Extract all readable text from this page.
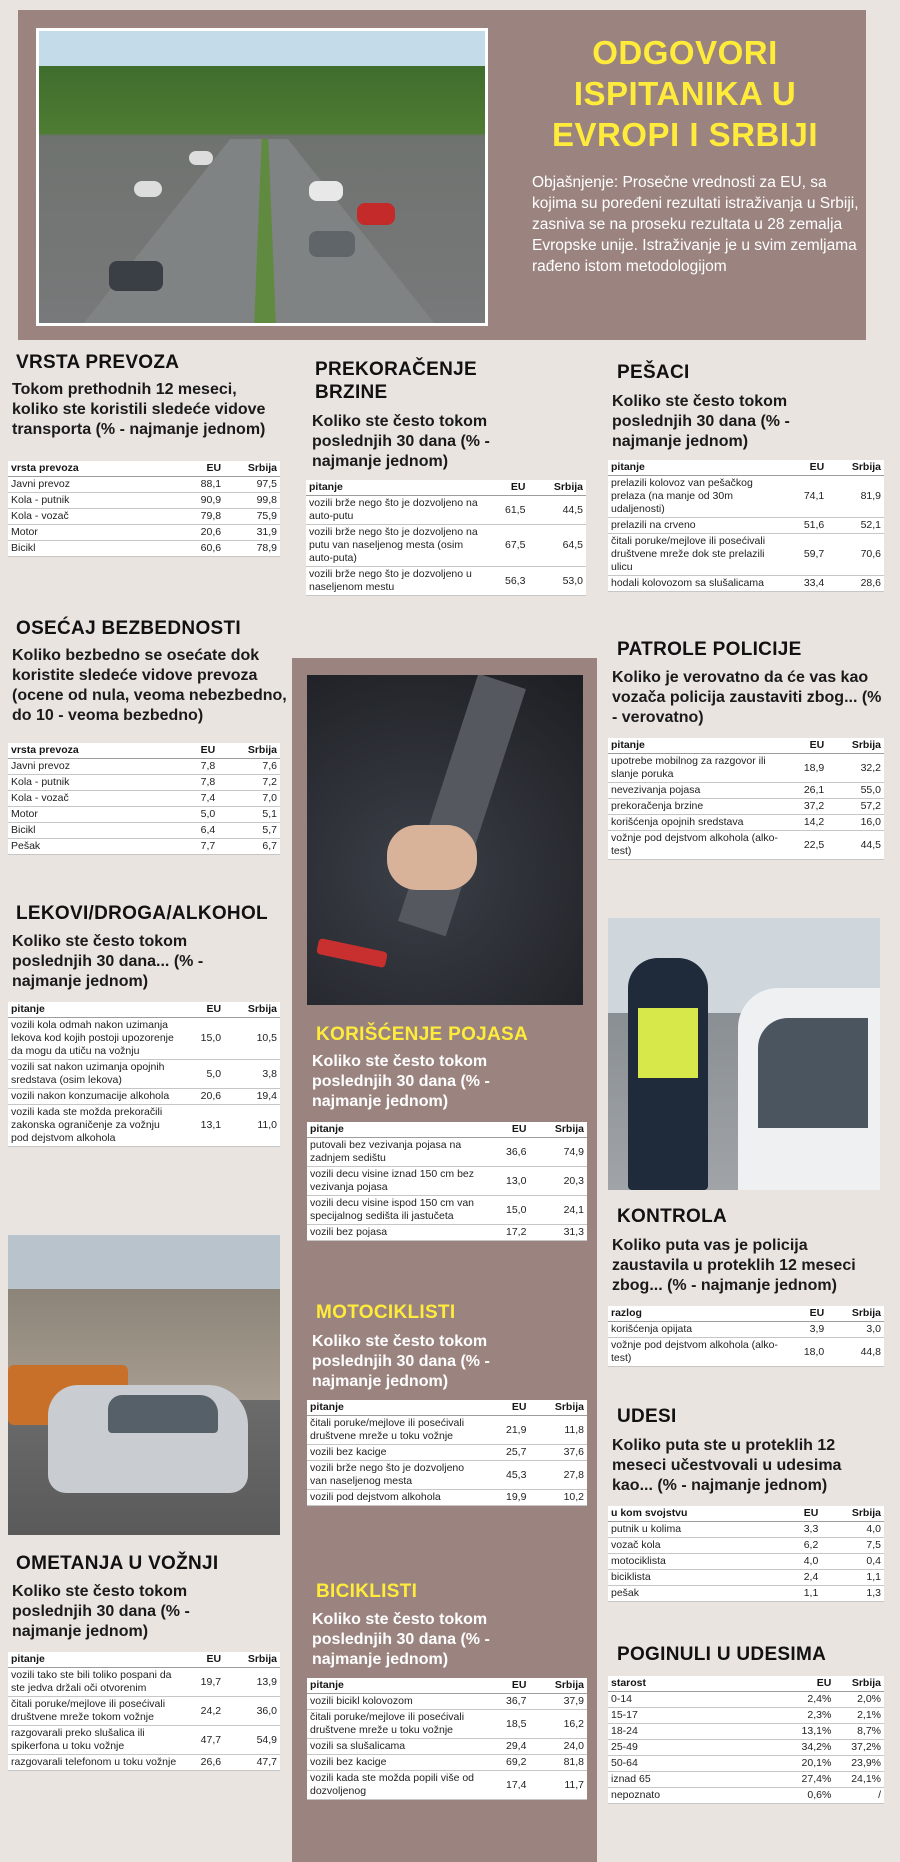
ODGOVORI ISPITANIKA U EVROPI I SRBIJI
Objašnjenje: Prosečne vrednosti za EU, sa kojima su poređeni rezultati istraživanja u Srbiji, zasniva se na proseku rezultata u 28 zemalja Evropske unije. Istraživanje je u svim zemljama rađeno istom metodologijom
VRSTA PREVOZA
Tokom prethodnih 12 meseci, koliko ste koristili sledeće vidove transporta (% - najmanje jednom)
vrsta prevoza	EU	Srbija
Javni prevoz	88,1	97,5
Kola - putnik	90,9	99,8
Kola - vozač	79,8	75,9
Motor	20,6	31,9
Bicikl	60,6	78,9
OSEĆAJ BEZBEDNOSTI
Koliko bezbedno se osećate dok koristite sledeće vidove prevoza (ocene od nula, veoma nebezbedno, do 10 - veoma bezbedno)
vrsta prevoza	EU	Srbija
Javni prevoz	7,8	7,6
Kola - putnik	7,8	7,2
Kola - vozač	7,4	7,0
Motor	5,0	5,1
Bicikl	6,4	5,7
Pešak	7,7	6,7
LEKOVI/DROGA/ALKOHOL
Koliko ste često tokom poslednjih 30 dana... (% - najmanje jednom)
pitanje	EU	Srbija
vozili kola odmah nakon uzimanja lekova kod kojih postoji upozorenje da mogu da utiču na vožnju	15,0	10,5
vozili sat nakon uzimanja opojnih sredstava (osim lekova)	5,0	3,8
vozili nakon konzumacije alkohola	20,6	19,4
vozili kada ste možda prekoračili zakonska ograničenje za vožnju pod dejstvom alkohola	13,1	11,0
OMETANJA U VOŽNJI
Koliko ste često tokom poslednjih 30 dana (% - najmanje jednom)
pitanje	EU	Srbija
vozili tako ste bili toliko pospani da ste jedva držali oči otvorenim	19,7	13,9
čitali poruke/mejlove ili posećivali društvene mreže tokom vožnje	24,2	36,0
razgovarali preko slušalica ili spikerfona u toku vožnje	47,7	54,9
razgovarali telefonom u toku vožnje	26,6	47,7
PREKORAČENJE BRZINE
Koliko ste često tokom poslednjih 30 dana (% - najmanje jednom)
pitanje	EU	Srbija
vozili brže nego što je dozvoljeno na auto-putu	61,5	44,5
vozili brže nego što je dozvoljeno na putu van naseljenog mesta (osim auto-puta)	67,5	64,5
vozili brže nego što je dozvoljeno u naseljenom mestu	56,3	53,0
KORIŠĆENJE POJASA
Koliko ste često tokom poslednjih 30 dana (% - najmanje jednom)
pitanje	EU	Srbija
putovali bez vezivanja pojasa na zadnjem sedištu	36,6	74,9
vozili decu visine iznad 150 cm bez vezivanja pojasa	13,0	20,3
vozili decu visine ispod 150 cm van specijalnog sedišta ili jastučeta	15,0	24,1
vozili bez pojasa	17,2	31,3
MOTOCIKLISTI
Koliko ste često tokom poslednjih 30 dana (% - najmanje jednom)
pitanje	EU	Srbija
čitali poruke/mejlove ili posećivali društvene mreže u toku vožnje	21,9	11,8
vozili bez kacige	25,7	37,6
vozili brže nego što je dozvoljeno van naseljenog mesta	45,3	27,8
vozili pod dejstvom alkohola	19,9	10,2
BICIKLISTI
Koliko ste često tokom poslednjih 30 dana (% - najmanje jednom)
pitanje	EU	Srbija
vozili bicikl kolovozom	36,7	37,9
čitali poruke/mejlove ili posećivali društvene mreže u toku vožnje	18,5	16,2
vozili sa slušalicama	29,4	24,0
vozili bez kacige	69,2	81,8
vozili kada ste možda popili više od dozvoljenog	17,4	11,7
PEŠACI
Koliko ste često tokom poslednjih 30 dana (% - najmanje jednom)
pitanje	EU	Srbija
prelazili kolovoz van pešačkog prelaza (na manje od 30m udaljenosti)	74,1	81,9
prelazili na crveno	51,6	52,1
čitali poruke/mejlove ili posećivali društvene mreže dok ste prelazili ulicu	59,7	70,6
hodali kolovozom sa slušalicama	33,4	28,6
PATROLE POLICIJE
Koliko je verovatno da će vas kao vozača policija zaustaviti zbog... (% - verovatno)
pitanje	EU	Srbija
upotrebe mobilnog za razgovor ili slanje poruka	18,9	32,2
nevezivanja pojasa	26,1	55,0
prekoračenja brzine	37,2	57,2
korišćenja opojnih sredstava	14,2	16,0
vožnje pod dejstvom alkohola (alko-test)	22,5	44,5
KONTROLA
Koliko puta vas je policija zaustavila u proteklih 12 meseci zbog... (% - najmanje jednom)
razlog	EU	Srbija
korišćenja opijata	3,9	3,0
vožnje pod dejstvom alkohola (alko-test)	18,0	44,8
UDESI
Koliko puta ste u proteklih 12 meseci učestvovali u udesima kao... (% - najmanje jednom)
u kom svojstvu	EU	Srbija
putnik u kolima	3,3	4,0
vozač kola	6,2	7,5
motociklista	4,0	0,4
biciklista	2,4	1,1
pešak	1,1	1,3
POGINULI U UDESIMA
starost	EU	Srbija
0-14	2,4%	2,0%
15-17	2,3%	2,1%
18-24	13,1%	8,7%
25-49	34,2%	37,2%
50-64	20,1%	23,9%
iznad 65	27,4%	24,1%
nepoznato	0,6%	/
